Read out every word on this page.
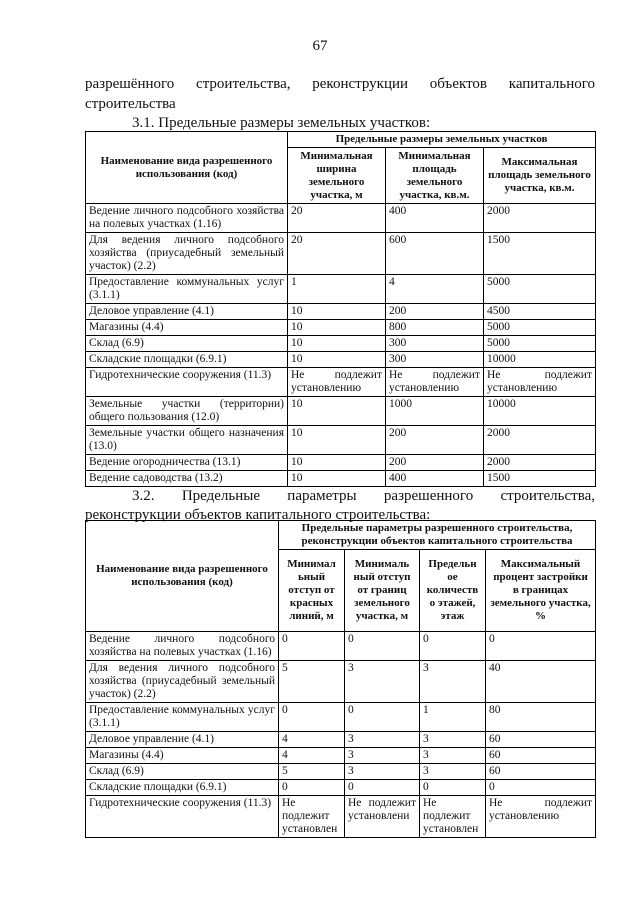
67
разрешённого строительства, реконструкции объектов капитального
строительства
3.1. Предельные размеры земельных участков:
Наименование вида разрешенного использования (код)	Предельные размеры земельных участков		
	Минимальная ширина земельного участка, м	Минимальная площадь земельного участка, кв.м.	Максимальная площадь земельного участка, кв.м.
Ведение личного подсобного хозяйства на полевых участках (1.16)	20	400	2000
Для ведения личного подсобного хозяйства (приусадебный земельный участок) (2.2)	20	600	1500
Предоставление коммунальных услуг (3.1.1)	1	4	5000
Деловое управление (4.1)	10	200	4500
Магазины (4.4)	10	800	5000
Склад (6.9)	10	300	5000
Складские площадки (6.9.1)	10	300	10000
Гидротехнические сооружения (11.3)	Не подлежит установлению	Не подлежит установлению	Не подлежит установлению
Земельные участки (территории) общего пользования (12.0)	10	1000	10000
Земельные участки общего назначения (13.0)	10	200	2000
Ведение огородничества (13.1)	10	200	2000
Ведение садоводства (13.2)	10	400	1500
3.2. Предельные параметры разрешенного строительства,
реконструкции объектов капитального строительства:
Наименование вида разрешенного использования (код)	Предельные параметры разрешенного строительства, реконструкции объектов капитального строительства			
	Минимал ьный отступ от красных линий, м	Минималь ный отступ от границ земельного участка, м	Предельн ое количеств о этажей, этаж	Максимальный процент застройки в границах земельного участка, %
Ведение личного подсобного хозяйства на полевых участках (1.16)	0	0	0	0
Для ведения личного подсобного хозяйства (приусадебный земельный участок) (2.2)	5	3	3	40
Предоставление коммунальных услуг (3.1.1)	0	0	1	80
Деловое управление (4.1)	4	3	3	60
Магазины (4.4)	4	3	3	60
Склад (6.9)	5	3	3	60
Складские площадки (6.9.1)	0	0	0	0
Гидротехнические сооружения (11.3)	Не подлежит установлен	Не подлежит установлени	Не подлежит установлен	Не подлежит установлению
